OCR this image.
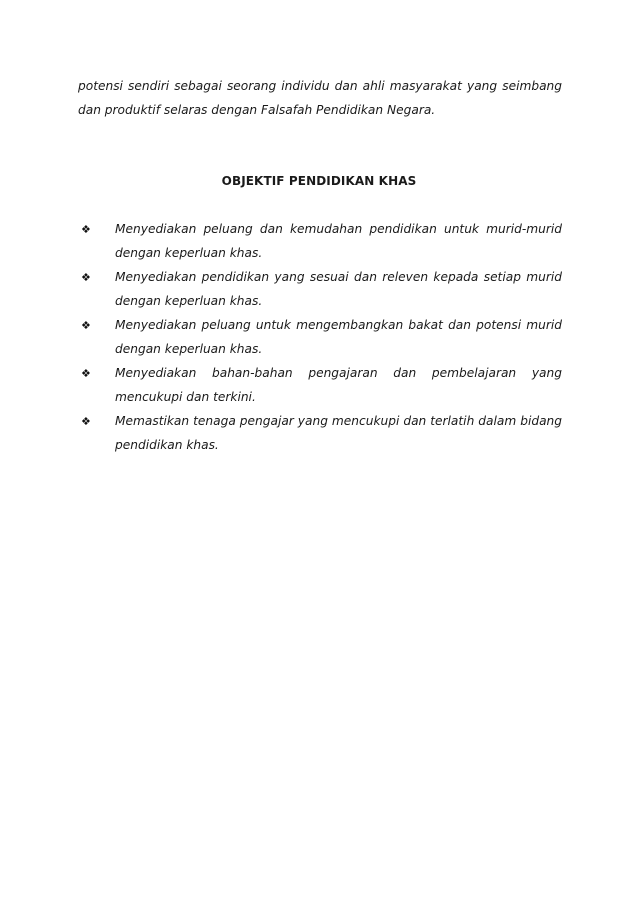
potensi sendiri sebagai seorang individu dan ahli masyarakat yang seimbang dan produktif selaras dengan Falsafah Pendidikan Negara.

OBJEKTIF PENDIDIKAN KHAS
❖	Menyediakan peluang dan kemudahan pendidikan untuk murid-murid dengan keperluan khas.
❖	Menyediakan pendidikan yang sesuai dan releven kepada setiap murid dengan keperluan khas.
❖	Menyediakan peluang untuk mengembangkan bakat dan potensi murid dengan keperluan khas.
❖	Menyediakan bahan-bahan pengajaran dan pembelajaran yang mencukupi dan terkini.
❖	Memastikan tenaga pengajar yang mencukupi dan terlatih dalam bidang pendidikan khas.
